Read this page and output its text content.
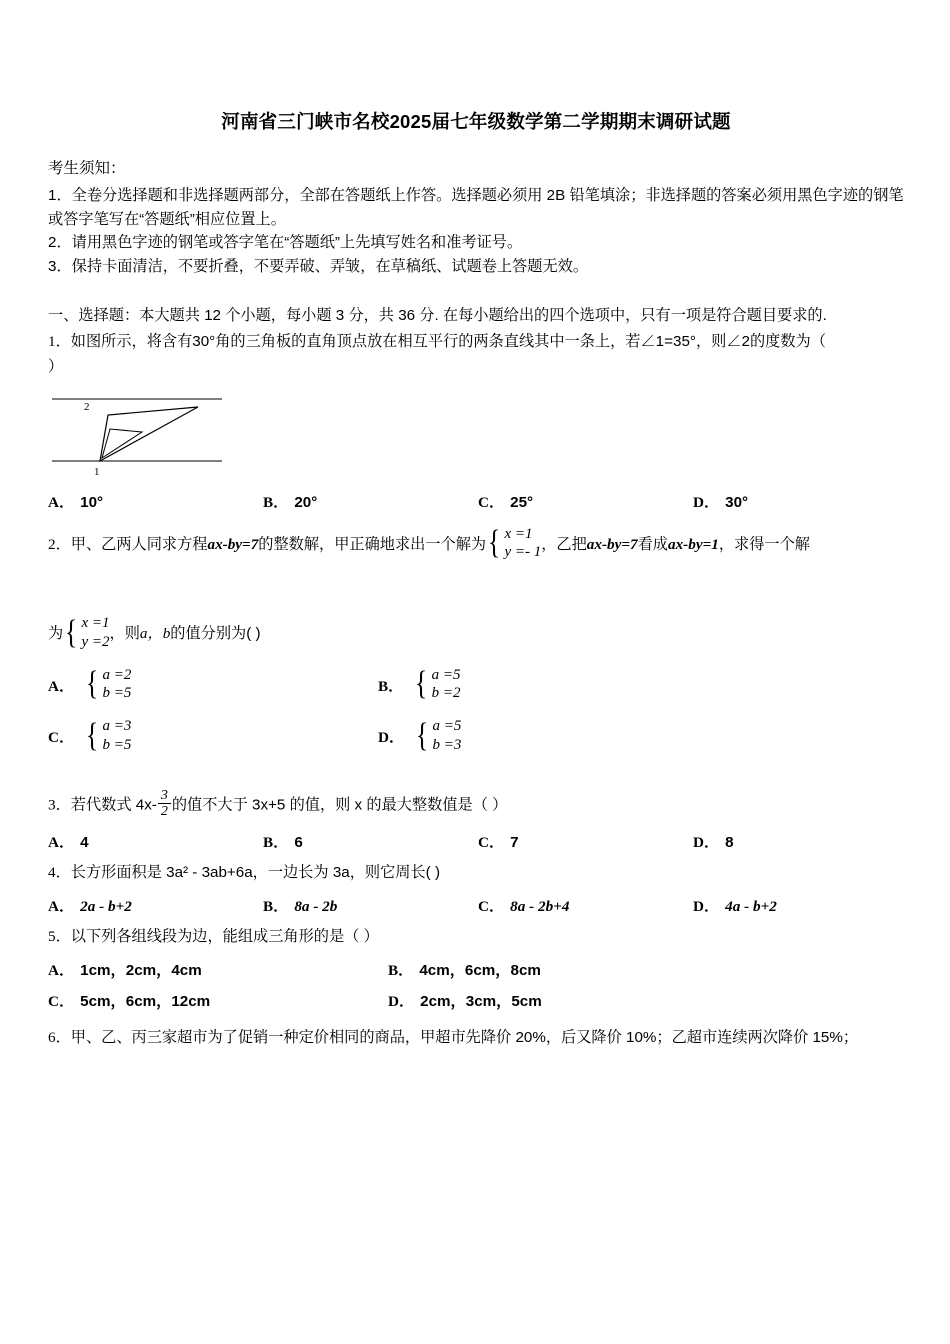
河南省三门峡市名校2025届七年级数学第二学期期末调研试题

考生须知：

1．全卷分选择题和非选择题两部分，全部在答题纸上作答。选择题必须用 2B 铅笔填涂；非选择题的答案必须用黑色字迹的钢笔或答字笔写在“答题纸”相应位置上。

2．请用黑色字迹的钢笔或答字笔在“答题纸”上先填写姓名和准考证号。

3．保持卡面清洁，不要折叠，不要弄破、弄皱，在草稿纸、试题卷上答题无效。

一、选择题：本大题共 12 个小题，每小题 3 分，共 36 分. 在每小题给出的四个选项中，只有一项是符合题目要求的.

1．如图所示，将含有30°角的三角板的直角顶点放在相互平行的两条直线其中一条上，若∠1=35°，则∠2的度数为（

）

2
1
A． 10°	B． 20°	C． 25°	D． 30°

2．甲、乙两人同求方程ax-by=7的整数解，甲正确地求出一个解为 { x =1
y =- 1 ，乙把ax-by=7看成ax-by=1，求得一个解

为 { x =1
y =2 ，则a，b的值分别为( )

A． { a =2
b =5	B． { a =5
b =2
C． { a =3
b =5	D． { a =5
b =3

3．若代数式 $4x- \frac{3}{2}$ 的值不大于 3x+5 的值，则 x 的最大整数值是（ ）

A． 4	B． 6	C． 7	D． 8

4．长方形面积是 3a² - 3ab+6a，一边长为 3a，则它周长( )

A． 2a - b+2	B． 8a - 2b	C． 8a - 2b+4	D． 4a - b+2

5．以下列各组线段为边，能组成三角形的是（ ）

A． 1cm，2cm，4cm	B． 4cm，6cm，8cm
C． 5cm，6cm，12cm	D． 2cm，3cm，5cm

6．甲、乙、丙三家超市为了促销一种定价相同的商品，甲超市先降价 20%，后又降价 10%；乙超市连续两次降价 15%；
